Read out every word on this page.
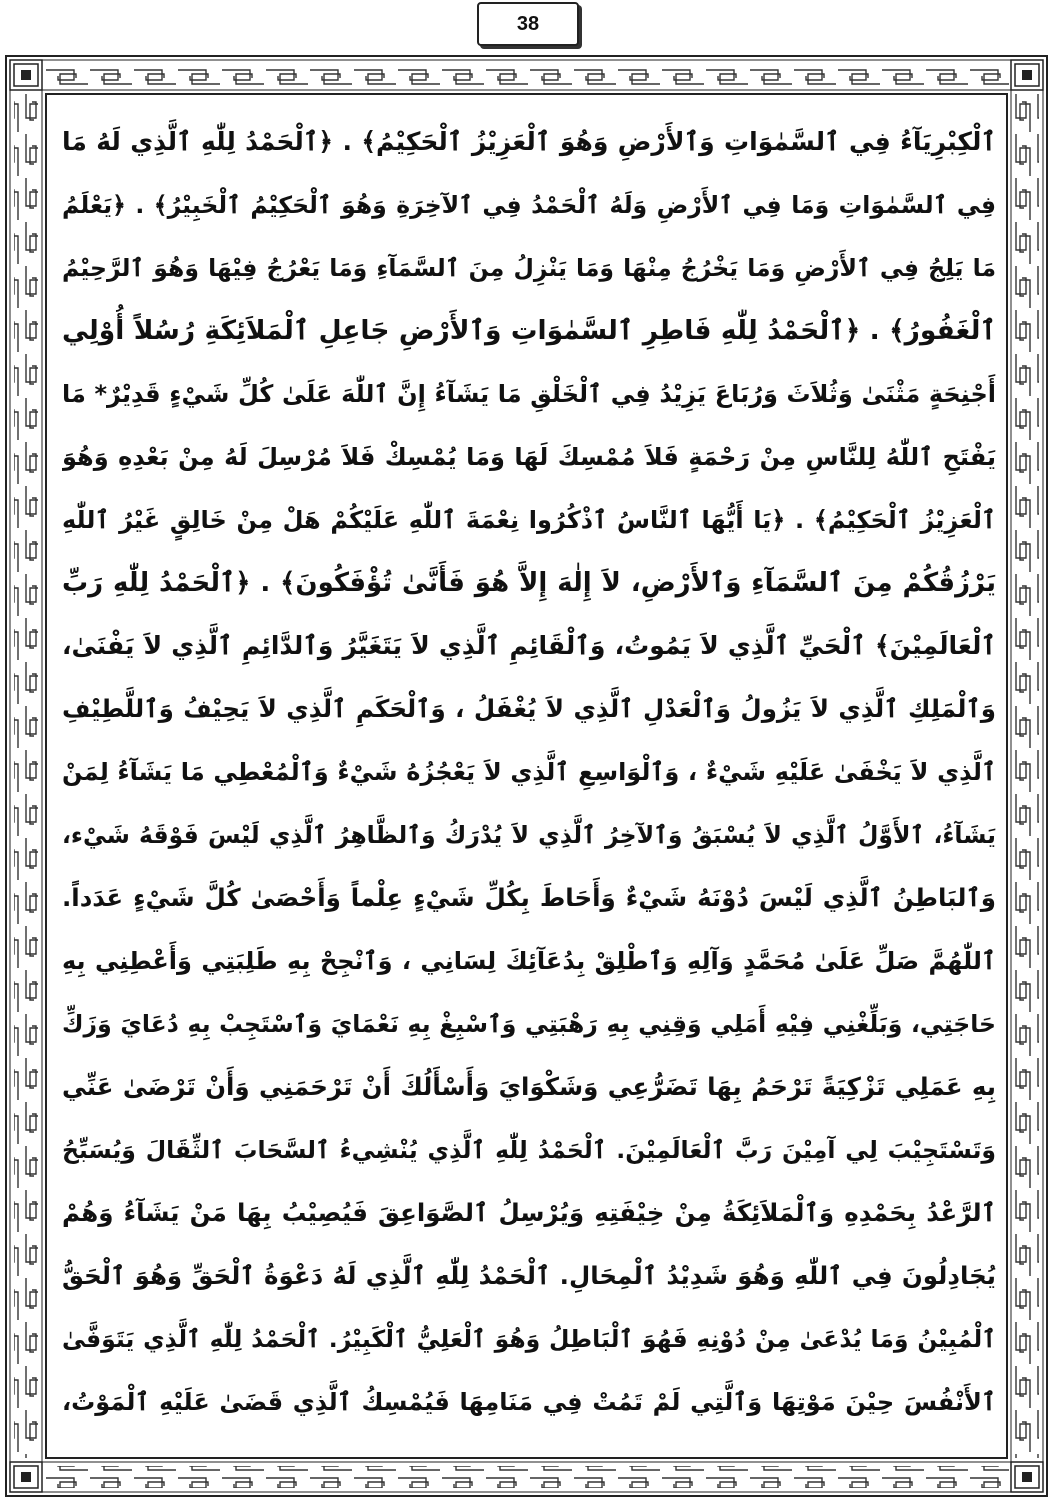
38
ٱلْكِبْرِيَآءُ فِي ٱلسَّمٰوَاتِ وَٱلأَرْضِ وَهُوَ ٱلْعَزِيْزُ ٱلْحَكِيْمُ﴾ . ﴿ٱلْحَمْدُ لِلّٰهِ ٱلَّذِي لَهُ مَا
فِي ٱلسَّمٰوَاتِ وَمَا فِي ٱلأَرْضِ وَلَهُ ٱلْحَمْدُ فِي ٱلآخِرَةِ وَهُوَ ٱلْحَكِيْمُ ٱلْخَبِيْرُ﴾ . ﴿يَعْلَمُ
مَا يَلِجُ فِي ٱلأَرْضِ وَمَا يَخْرُجُ مِنْهَا وَمَا يَنْزِلُ مِنَ ٱلسَّمَآءِ وَمَا يَعْرُجُ فِيْهَا وَهُوَ ٱلرَّحِيْمُ
ٱلْغَفُورُ﴾ . ﴿ٱلْحَمْدُ لِلّٰهِ فَاطِرِ ٱلسَّمٰوَاتِ وَٱلأَرْضِ جَاعِلِ ٱلْمَلاَئِكَةِ رُسُلاً أُوْلِي
أَجْنِحَةٍ مَثْنَىٰ وَثُلاَثَ وَرُبَاعَ يَزِيْدُ فِي ٱلْخَلْقِ مَا يَشَآءُ إِنَّ ٱللّٰهَ عَلَىٰ كُلِّ شَيْءٍ قَدِيْرٌ* مَا
يَفْتَحِ ٱللّٰهُ لِلنَّاسِ مِنْ رَحْمَةٍ فَلاَ مُمْسِكَ لَهَا وَمَا يُمْسِكْ فَلاَ مُرْسِلَ لَهُ مِنْ بَعْدِهِ وَهُوَ
ٱلْعَزِيْزُ ٱلْحَكِيْمُ﴾ . ﴿يَا أَيُّهَا ٱلنَّاسُ ٱذْكُرُوا نِعْمَةَ ٱللّٰهِ عَلَيْكُمْ هَلْ مِنْ خَالِقٍ غَيْرُ ٱللّٰهِ
يَرْزُقُكُمْ مِنَ ٱلسَّمَآءِ وَٱلأَرْضِ، لاَ إِلٰهَ إِلاَّ هُوَ فَأَنَّىٰ تُؤْفَكُونَ﴾ . ﴿ٱلْحَمْدُ لِلّٰهِ رَبِّ
ٱلْعَالَمِيْنَ﴾ ٱلْحَيِّ ٱلَّذِي لاَ يَمُوتُ، وَٱلْقَائِمِ ٱلَّذِي لاَ يَتَغَيَّرُ وَٱلدَّائِمِ ٱلَّذِي لاَ يَفْنَىٰ،
وَٱلْمَلِكِ ٱلَّذِي لاَ يَزُولُ وَٱلْعَدْلِ ٱلَّذِي لاَ يُغْفَلُ ، وَٱلْحَكَمِ ٱلَّذِي لاَ يَحِيْفُ وَٱللَّطِيْفِ
ٱلَّذِي لاَ يَخْفَىٰ عَلَيْهِ شَيْءٌ ، وَٱلْوَاسِعِ ٱلَّذِي لاَ يَعْجُزُهُ شَيْءٌ وَٱلْمُعْطِي مَا يَشَآءُ لِمَنْ
يَشَآءُ، ٱلأَوَّلُ ٱلَّذِي لاَ يُسْبَقُ وَٱلآخِرُ ٱلَّذِي لاَ يُدْرَكُ وَٱلظَّاهِرُ ٱلَّذِي لَيْسَ فَوْقَهُ شَيْء،
وَٱلبَاطِنُ ٱلَّذِي لَيْسَ دُوْنَهُ شَيْءٌ وَأَحَاطَ بِكُلِّ شَيْءٍ عِلْماً وَأَحْصَىٰ كُلَّ شَيْءٍ عَدَداً.
ٱللّٰهُمَّ صَلِّ عَلَىٰ مُحَمَّدٍ وَآلِهِ وَٱطْلِقْ بِدُعَآئِكَ لِسَانِي ، وَٱنْجِحْ بِهِ طَلِبَتِي وَأَعْطِنِي بِهِ
حَاجَتِي، وَبَلِّغْنِي فِيْهِ أَمَلِي وَقِنِي بِهِ رَهْبَتِي وَٱسْبِغْ بِهِ نَعْمَايَ وَٱسْتَجِبْ بِهِ دُعَايَ وَزَكِّ
بِهِ عَمَلِي تَزْكِيَةً تَرْحَمُ بِهَا تَضَرُّعِي وَشَكْوَايَ وَأَسْأَلُكَ أَنْ تَرْحَمَنِي وَأَنْ تَرْضَىٰ عَنِّي
وَتَسْتَجِيْبَ لِي آمِيْنَ رَبَّ ٱلْعَالَمِيْنَ. ٱلْحَمْدُ لِلّٰهِ ٱلَّذِي يُنْشِيءُ ٱلسَّحَابَ ٱلثِّقَالَ وَيُسَبِّحُ
ٱلرَّعْدُ بِحَمْدِهِ وَٱلْمَلاَئِكَةُ مِنْ خِيْفَتِهِ وَيُرْسِلُ ٱلصَّوَاعِقَ فَيُصِيْبُ بِهَا مَنْ يَشَآءُ وَهُمْ
يُجَادِلُونَ فِي ٱللّٰهِ وَهُوَ شَدِيْدُ ٱلْمِحَالِ. ٱلْحَمْدُ لِلّٰهِ ٱلَّذِي لَهُ دَعْوَةُ ٱلْحَقِّ وَهُوَ ٱلْحَقُّ
ٱلْمُبِيْنُ وَمَا يُدْعَىٰ مِنْ دُوْنِهِ فَهُوَ ٱلْبَاطِلُ وَهُوَ ٱلْعَلِيُّ ٱلْكَبِيْرُ. ٱلْحَمْدُ لِلّٰهِ ٱلَّذِي يَتَوَفَّىٰ
ٱلأَنْفُسَ حِيْنَ مَوْتِهَا وَٱلَّتِي لَمْ تَمُتْ فِي مَنَامِهَا فَيُمْسِكُ ٱلَّذِي قَضَىٰ عَلَيْهِ ٱلْمَوْتُ،
